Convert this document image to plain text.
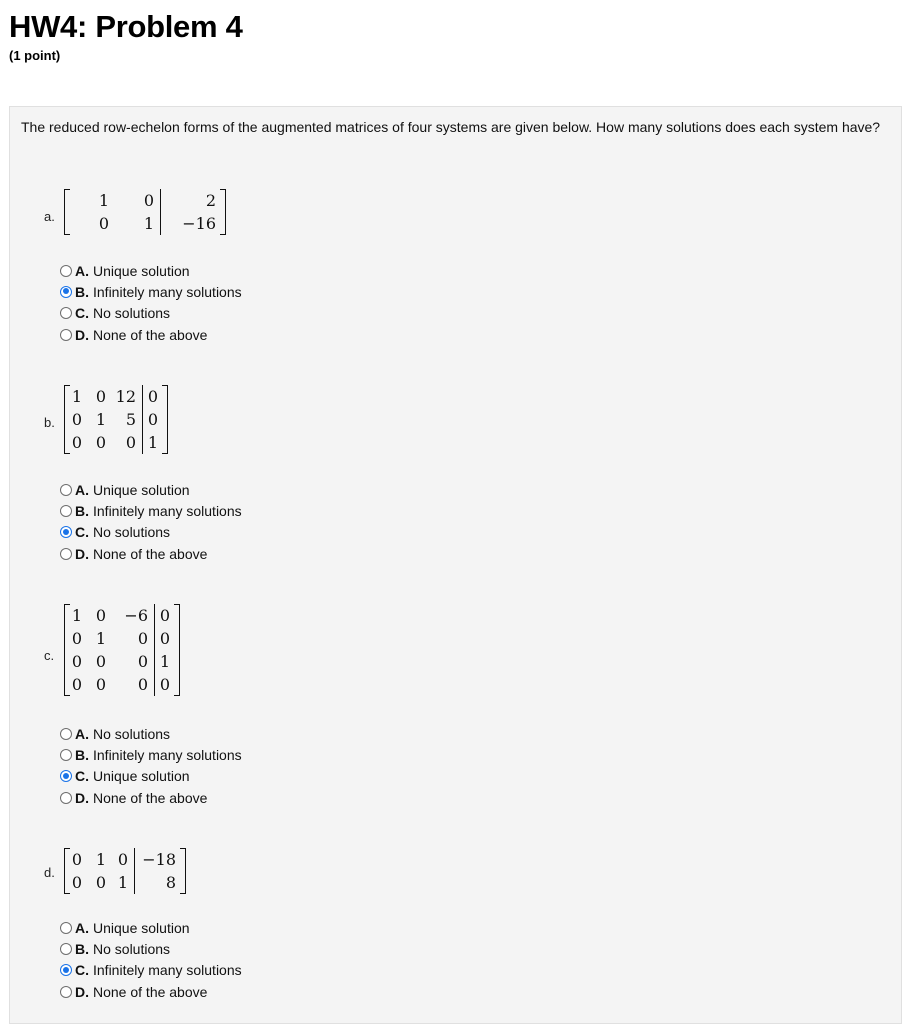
HW4: Problem 4
(1 point)
The reduced row-echelon forms of the augmented matrices of four systems are given below. How many solutions does each system have?
a.
1	0	2
0	1	−16
A. Unique solution
B. Infinitely many solutions
C. No solutions
D. None of the above
b.
1 0 12 0
0 1	5 0
0 0	0 1
A. Unique solution
B. Infinitely many solutions
C. No solutions
D. None of the above
c.
1 0	−6 0
0 1	0 0
0 0	0 1
0 0	0 0
A. No solutions
B. Infinitely many solutions
C. Unique solution
D. None of the above
d.
0 1 0 −18
0 0 1	8
A. Unique solution
B. No solutions
C. Infinitely many solutions
D. None of the above
